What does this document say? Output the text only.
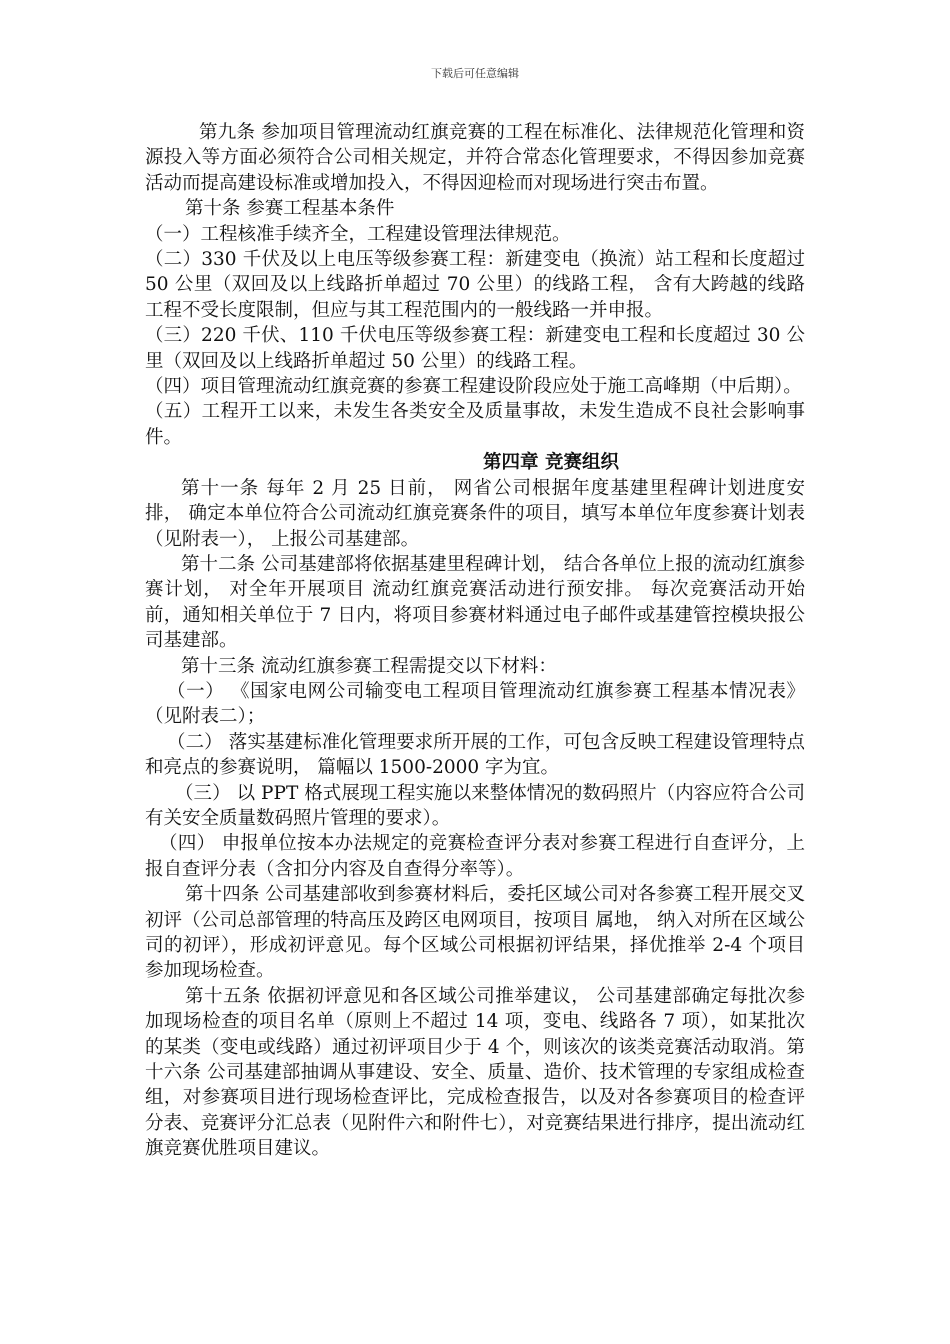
下载后可任意编辑

第九条 参加项目管理流动红旗竞赛的工程在标准化、法律规范化管理和资源投入等方面必须符合公司相关规定，并符合常态化管理要求，不得因参加竞赛活动而提高建设标准或增加投入，不得因迎检而对现场进行突击布置。

第十条 参赛工程基本条件

（一）工程核准手续齐全，工程建设管理法律规范。

（二）330 千伏及以上电压等级参赛工程：新建变电（换流）站工程和长度超过 50 公里（双回及以上线路折单超过 70 公里）的线路工程， 含有大跨越的线路工程不受长度限制，但应与其工程范围内的一般线路一并申报。

（三）220 千伏、110 千伏电压等级参赛工程：新建变电工程和长度超过 30 公里（双回及以上线路折单超过 50 公里）的线路工程。

（四）项目管理流动红旗竞赛的参赛工程建设阶段应处于施工高峰期（中后期）。

（五）工程开工以来，未发生各类安全及质量事故，未发生造成不良社会影响事件。

第四章 竞赛组织

第十一条 每年 2 月 25 日前， 网省公司根据年度基建里程碑计划进度安排， 确定本单位符合公司流动红旗竞赛条件的项目，填写本单位年度参赛计划表（见附表一）， 上报公司基建部。

第十二条 公司基建部将依据基建里程碑计划， 结合各单位上报的流动红旗参赛计划， 对全年开展项目 流动红旗竞赛活动进行预安排。 每次竞赛活动开始前，通知相关单位于 7 日内，将项目参赛材料通过电子邮件或基建管控模块报公司基建部。

第十三条 流动红旗参赛工程需提交以下材料：

（一） 《国家电网公司输变电工程项目管理流动红旗参赛工程基本情况表》（见附表二）；

（二） 落实基建标准化管理要求所开展的工作，可包含反映工程建设管理特点和亮点的参赛说明， 篇幅以 1500-2000 字为宜。

（三） 以 PPT 格式展现工程实施以来整体情况的数码照片（内容应符合公司有关安全质量数码照片管理的要求）。

（四） 申报单位按本办法规定的竞赛检查评分表对参赛工程进行自查评分，上报自查评分表（含扣分内容及自查得分率等）。

第十四条 公司基建部收到参赛材料后，委托区域公司对各参赛工程开展交叉初评（公司总部管理的特高压及跨区电网项目，按项目 属地， 纳入对所在区域公司的初评），形成初评意见。每个区域公司根据初评结果，择优推举 2-4 个项目参加现场检查。

第十五条 依据初评意见和各区域公司推举建议， 公司基建部确定每批次参加现场检查的项目名单（原则上不超过 14 项，变电、线路各 7 项），如某批次的某类（变电或线路）通过初评项目少于 4 个，则该次的该类竞赛活动取消。第十六条 公司基建部抽调从事建设、安全、质量、造价、技术管理的专家组成检查组，对参赛项目进行现场检查评比，完成检查报告，以及对各参赛项目的检查评分表、竞赛评分汇总表（见附件六和附件七），对竞赛结果进行排序，提出流动红旗竞赛优胜项目建议。
